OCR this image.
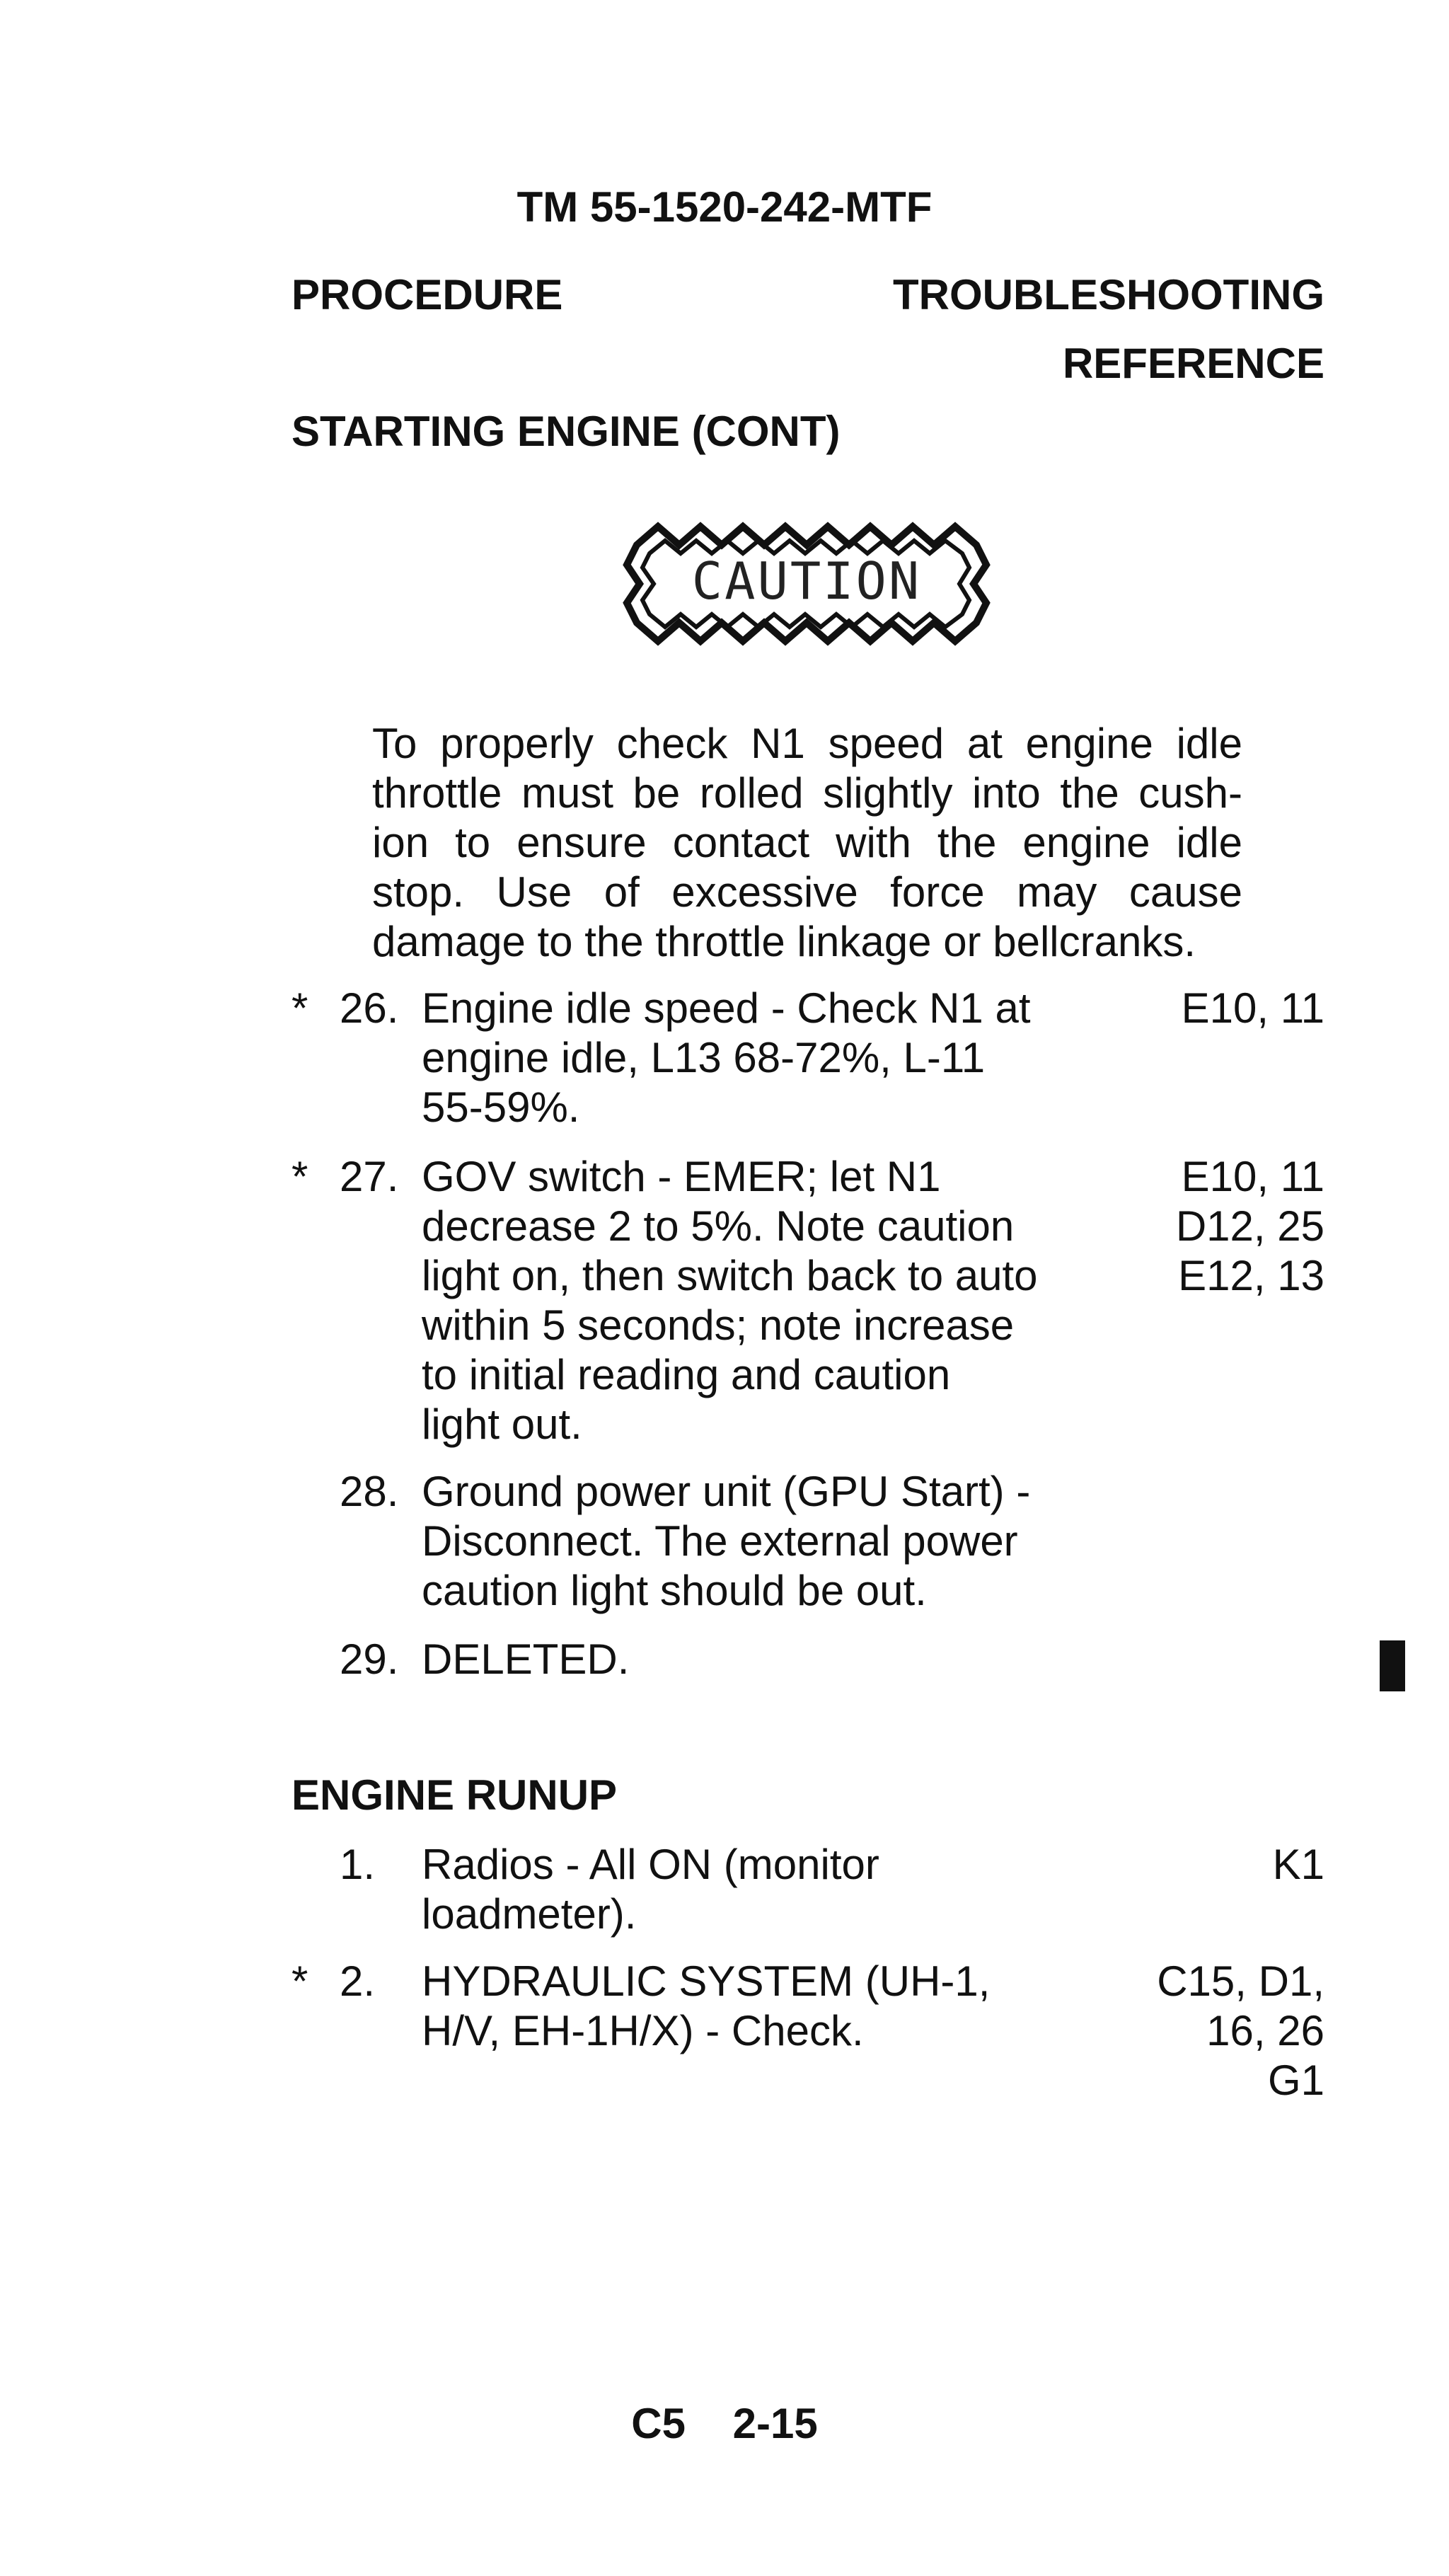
TM 55-1520-242-MTF
PROCEDURE	TROUBLESHOOTING
REFERENCE
STARTING ENGINE (CONT)
CAUTION
To properly check N1 speed at engine idle throttle must be rolled slightly into the cush-ion to ensure contact with the engine idle stop. Use of excessive force may cause damage to the throttle linkage or bellcranks.
* 26. Engine idle speed - Check N1 at
engine idle, L13 68-72%, L-11
55-59%.
E10, 11
* 27. GOV switch - EMER; let N1
decrease 2 to 5%. Note caution
light on, then switch back to auto
within 5 seconds; note increase
to initial reading and caution
light out.
E10, 11
D12, 25
E12, 13
28. Ground power unit (GPU Start) -
Disconnect. The external power
caution light should be out.
29. DELETED.
1. Radios - All ON (monitor
loadmeter).
K1
* 2. HYDRAULIC SYSTEM (UH-1,
H/V, EH-1H/X) - Check.
C15, D1,
16, 26
G1
ENGINE RUNUP
C5 2-15
